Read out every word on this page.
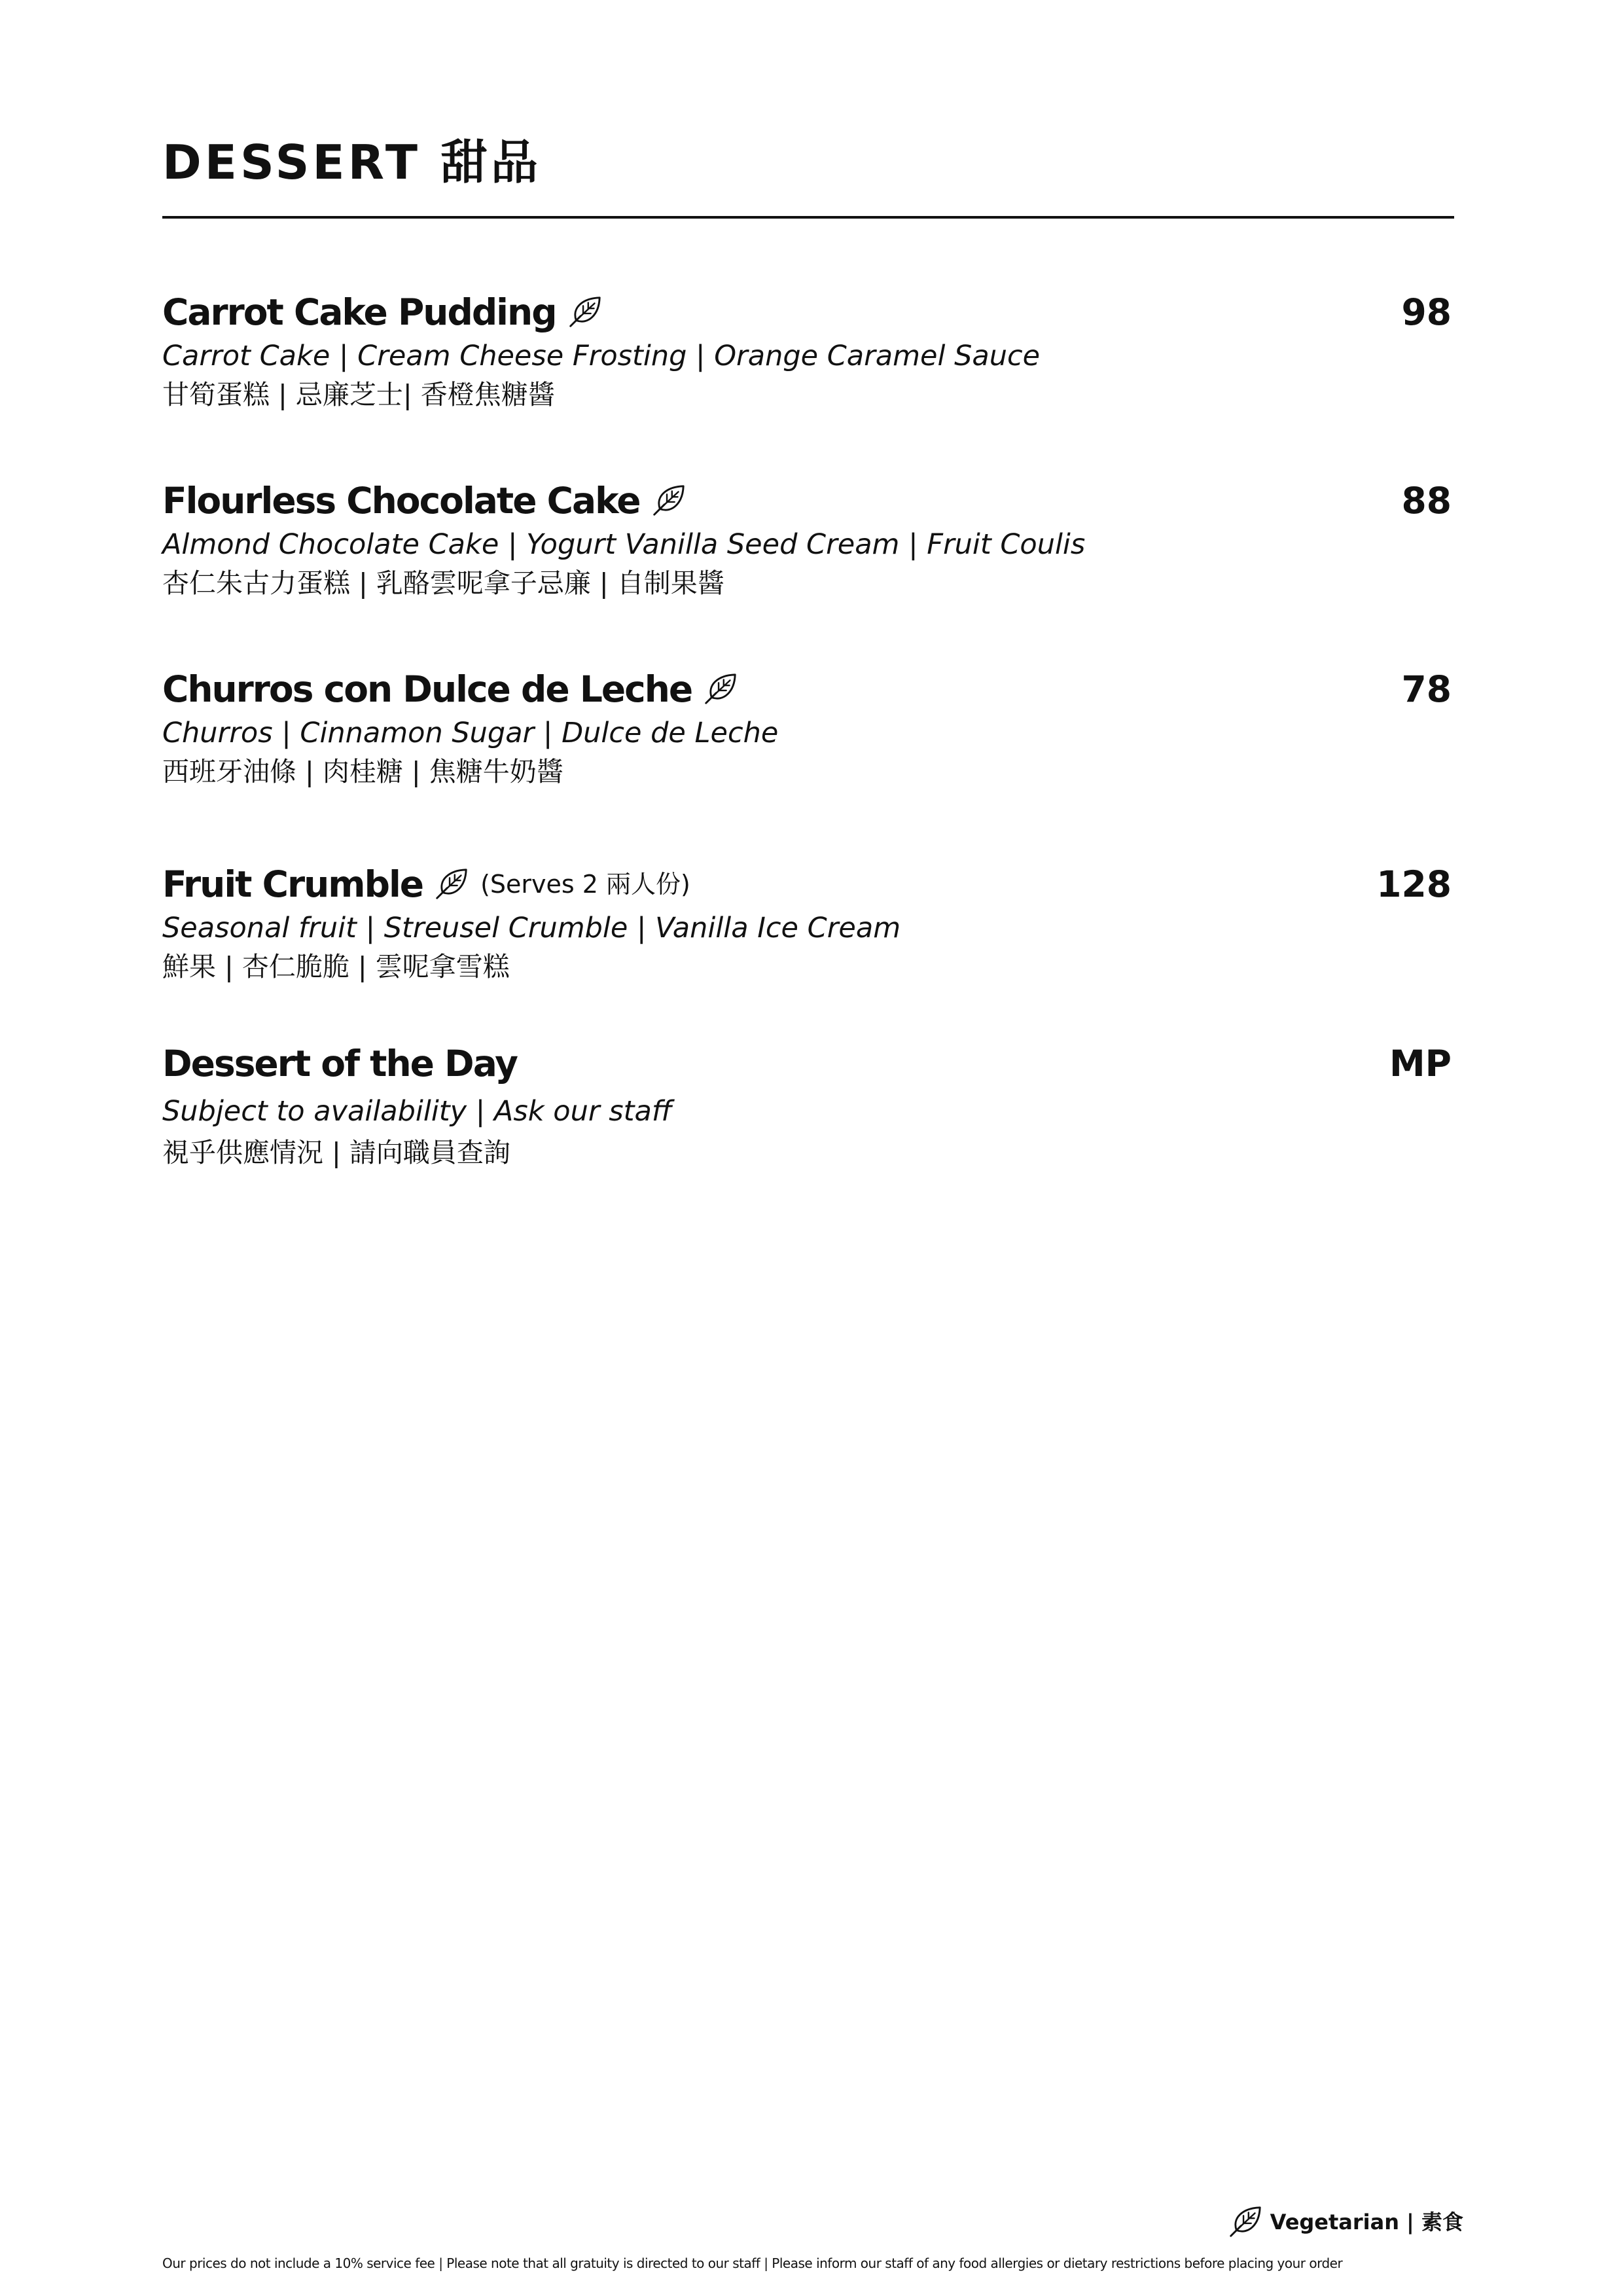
DESSERT 甜品
Carrot Cake Pudding	98
Carrot Cake | Cream Cheese Frosting | Orange Caramel Sauce
甘筍蛋糕 | 忌廉芝士| 香橙焦糖醬
Flourless Chocolate Cake	88
Almond Chocolate Cake | Yogurt Vanilla Seed Cream | Fruit Coulis
杏仁朱古力蛋糕 | 乳酪雲呢拿子忌廉 | 自制果醬
Churros con Dulce de Leche	78
Churros | Cinnamon Sugar | Dulce de Leche
西班牙油條 | 肉桂糖 | 焦糖牛奶醬
Fruit Crumble (Serves 2 兩人份)	128
Seasonal fruit | Streusel Crumble | Vanilla Ice Cream
鮮果 | 杏仁脆脆 | 雲呢拿雪糕
Dessert of the Day	MP
Subject to availability | Ask our staff
視乎供應情況 | 請向職員查詢
Vegetarian | 素食
Our prices do not include a 10% service fee | Please note that all gratuity is directed to our staff | Please inform our staff of any food allergies or dietary restrictions before placing your order
